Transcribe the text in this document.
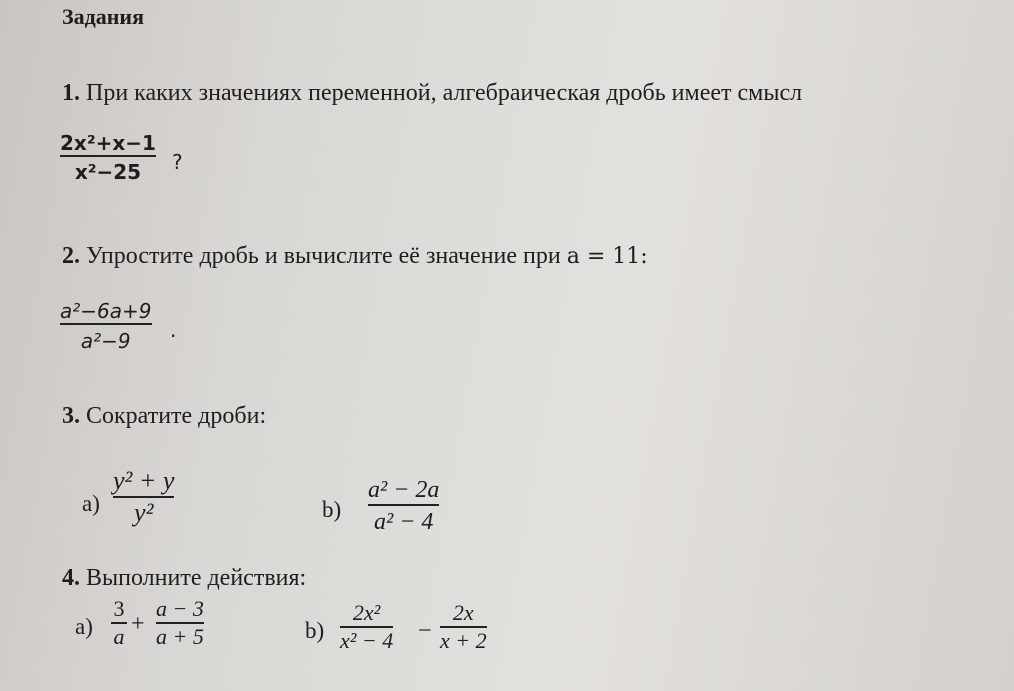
Задания
1. При каких значениях переменной, алгебраическая дробь имеет смысл
2x²+x−1
x²−25 ?
2. Упростите дробь и вычислите её значение при a = 11:
a²−6a+9
a²−9 .
3. Сократите дроби:
a)
y² + y
y²	b)
a² − 2a
a² − 4
4. Выполните действия:
a)
3
a +
a − 3
a + 5	b)
2x²
x² − 4 −
2x
x + 2
